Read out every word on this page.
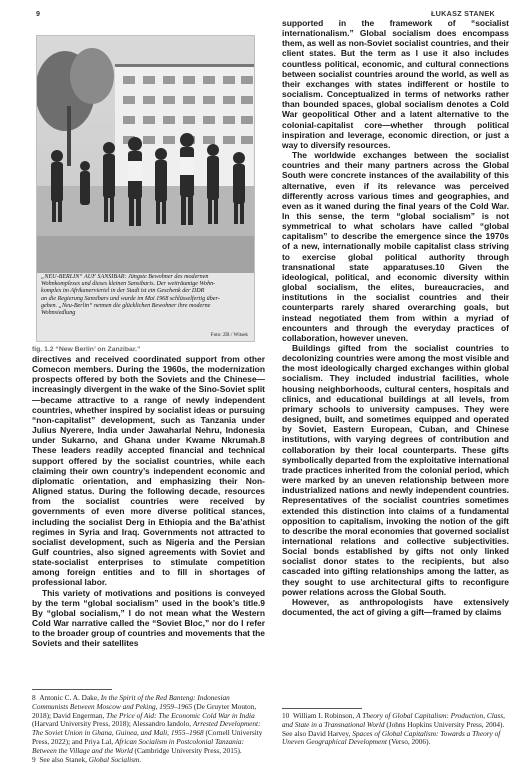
9	ŁUKASZ STANEK

„NEU-BERLIN“ AUF SANSIBAR: Jüngste Bewohner des modernen

Wohnkomplexes und dieses kleinen Sansibaris. Der weiträumige Wohn-

komplex im Afrikanerviertel in der Stadt ist ein Geschenk der DDR

an die Regierung Sansibars und wurde im Mai 1968 schlüsselfertig über-

geben. „Neu-Berlin“ nennen die glücklichen Bewohner ihre moderne

Wohnsiedlung

Foto: ZB / Witsek
fig. 1.2 “New Berlin’ on Zanzibar.”

directives and received coordinated support from other Comecon members. During the 1960s, the modernization prospects offered by both the Soviets and the Chinese—increasingly divergent in the wake of the Sino-Soviet split—became attractive to a range of newly independent countries, whether inspired by socialist ideas or pursuing “non-capitalist” development, such as Tanzania under Julius Nyerere, India under Jawaharlal Nehru, Indonesia under Sukarno, and Ghana under Kwame Nkrumah.8 These leaders readily accepted financial and technical support offered by the socialist countries, while each claiming their own country’s independent economic and diplomatic orientation, and emphasizing their Non-Aligned status. During the following decade, resources from the socialist countries were received by governments of even more diverse political stances, including the socialist Derg in Ethiopia and the Ba’athist regimes in Syria and Iraq. Governments not attracted to socialist development, such as Nigeria and the Persian Gulf countries, also signed agreements with Soviet and state-socialist enterprises to stimulate competition among foreign entities and to fill in shortages of professional labor.

This variety of motivations and positions is conveyed by the term “global socialism” used in the book’s title.9 By “global socialism,” I do not mean what the Western Cold War narrative called the “Soviet Bloc,” nor do I refer to the broader group of countries and movements that the Soviets and their satellites

supported in the framework of “socialist internationalism.” Global socialism does encompass them, as well as non-Soviet socialist countries, and their client states. But the term as I use it also includes countless political, economic, and cultural connections between socialist countries around the world, as well as their exchanges with states indifferent or hostile to socialism. Conceptualized in terms of networks rather than bounded spaces, global socialism denotes a Cold War geopolitical Other and a latent alternative to the colonial-capitalist core—whether through political inspiration and leverage, economic direction, or just a way to diversify resources.

The worldwide exchanges between the socialist countries and their many partners across the Global South were concrete instances of the availability of this alternative, even if its relevance was perceived differently across various times and geographies, and even as it waned during the final years of the Cold War. In this sense, the term “global socialism” is not symmetrical to what scholars have called “global capitalism” to describe the emergence since the 1970s of a new, internationally mobile capitalist class striving to exercise global political authority through transnational state apparatuses.10 Given the ideological, political, and economic diversity within global socialism, the elites, bureaucracies, and institutions in the socialist countries and their counterparts rarely shared overarching goals, but instead negotiated them from within a myriad of encounters and through the everyday practices of collaboration, however uneven.

Buildings gifted from the socialist countries to decolonizing countries were among the most visible and the most ideologically charged exchanges within global socialism. They included industrial facilities, whole housing neighborhoods, cultural centers, hospitals and clinics, and educational buildings at all levels, from primary schools to university campuses. They were designed, built, and sometimes equipped and operated by Soviet, Eastern European, Cuban, and Chinese institutions, with varying degrees of contribution and collaboration by their local counterparts. These gifts symbolically departed from the exploitative international trade practices inherited from the colonial period, which were marked by an uneven relationship between more industrialized nations and newly independent countries. Representatives of the socialist countries sometimes extended this distinction into claims of a fundamental opposition to capitalism, invoking the notion of the gift to describe the moral economies that governed socialist international relations and collective subjectivities. Social bonds established by gifts not only linked socialist donor states to the recipients, but also cascaded into gifting relationships among the latter, as they sought to use architectural gifts to reconfigure power relations across the Global South.

However, as anthropologists have extensively documented, the act of giving a gift—framed by claims

8 Antonic C. A. Dake, In the Spirit of the Red Banteng: Indonesian Communists Between Moscow and Peking, 1959–1965 (De Gruyter Mouton, 2018); David Engerman, The Price of Aid: The Economic Cold War in India (Harvard University Press, 2018); Alessandro Iandolo, Arrested Development: The Soviet Union in Ghana, Guinea, and Mali, 1955–1968 (Cornell University Press, 2022); and Priya Lal, African Socialism in Postcolonial Tanzania: Between the Village and the World (Cambridge University Press, 2015).

9 See also Stanek, Global Socialism.

10 William I. Robinson, A Theory of Global Capitalism: Production, Class, and State in a Transnational World (Johns Hopkins University Press, 2004). See also David Harvey, Spaces of Global Capitalism: Towards a Theory of Uneven Geographical Development (Verso, 2006).
